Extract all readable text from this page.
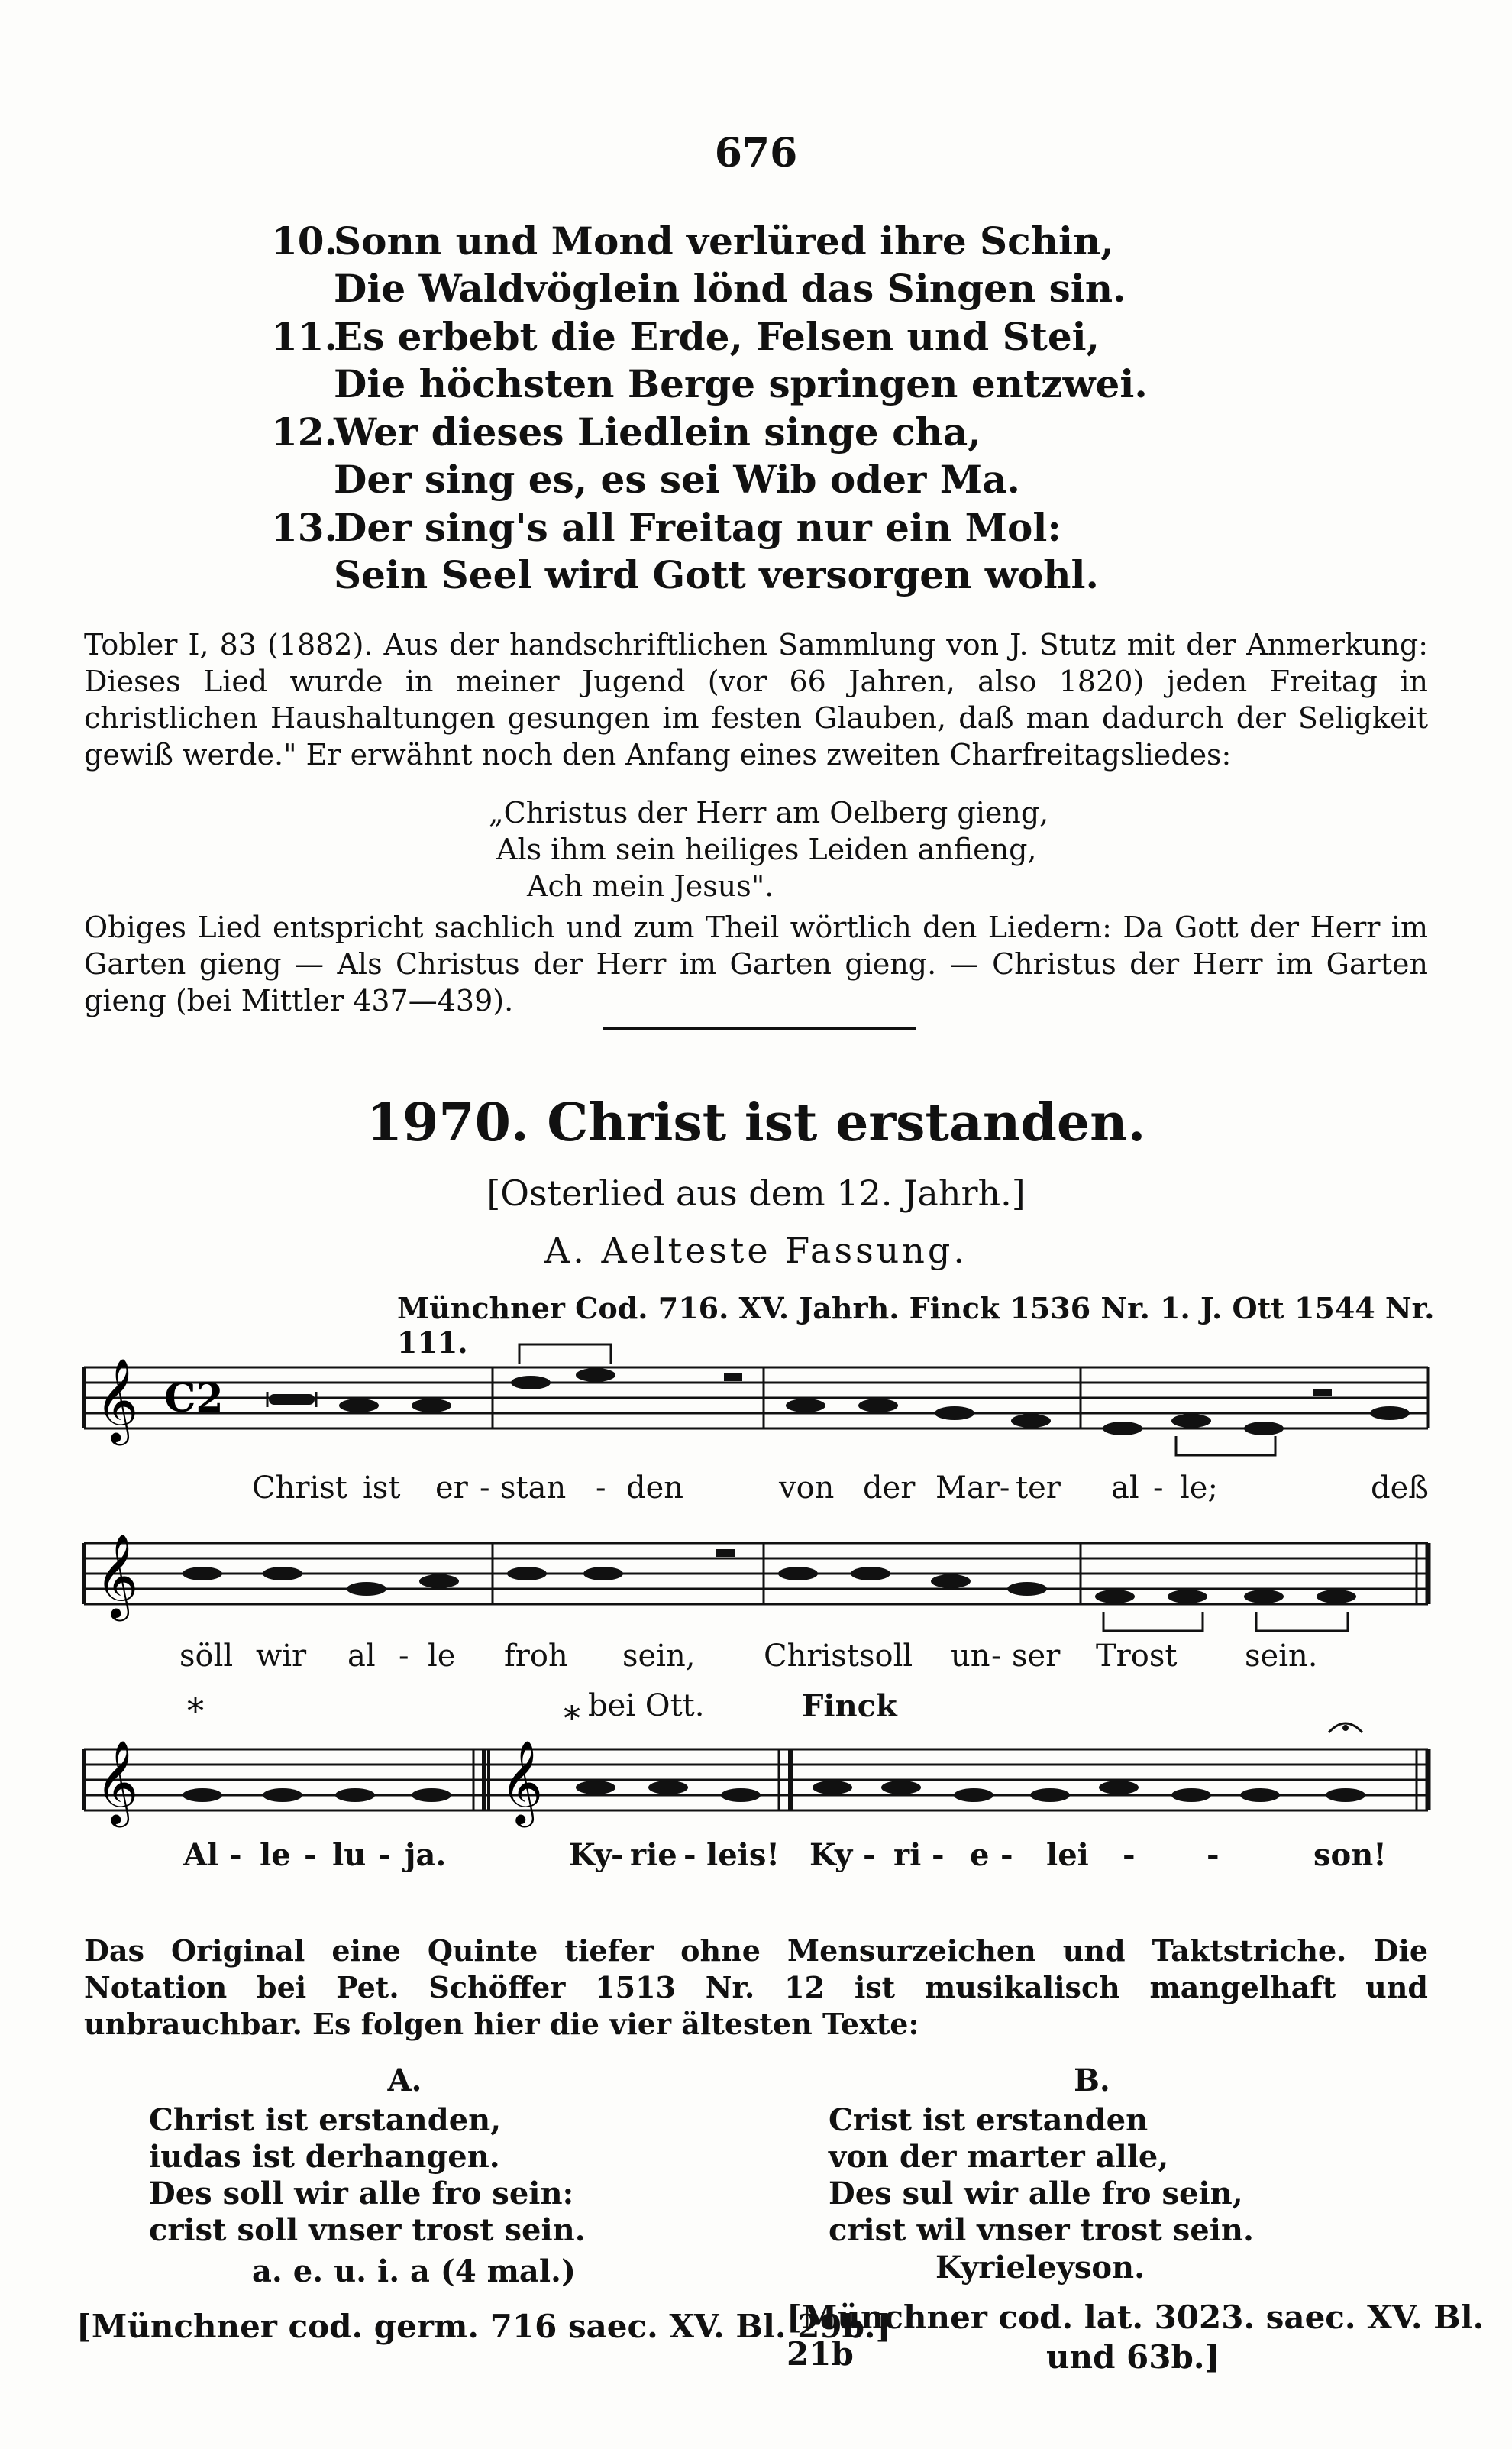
676
10.Sonn und Mond verlüred ihre Schin,
Die Waldvöglein lönd das Singen sin.
11.Es erbebt die Erde, Felsen und Stei,
Die höchsten Berge springen entzwei.
12.Wer dieses Liedlein singe cha,
Der sing es, es sei Wib oder Ma.
13.Der sing's all Freitag nur ein Mol:
Sein Seel wird Gott versorgen wohl.
Tobler I, 83 (1882). Aus der handschriftlichen Sammlung von J. Stutz mit der Anmerkung: Dieses Lied wurde in meiner Jugend (vor 66 Jahren, also 1820) jeden Freitag in christlichen Haushaltungen gesungen im festen Glauben, daß man dadurch der Seligkeit gewiß werde." Er erwähnt noch den Anfang eines zweiten Charfreitagsliedes:
„Christus der Herr am Oelberg gieng,
Als ihm sein heiliges Leiden anfieng,
Ach mein Jesus".
Obiges Lied entspricht sachlich und zum Theil wörtlich den Liedern: Da Gott der Herr im Garten gieng — Als Christus der Herr im Garten gieng. — Christus der Herr im Garten gieng (bei Mittler 437—439).
1970. Christ ist erstanden.
[Osterlied aus dem 12. Jahrh.]
A. Aelteste Fassung.
Münchner Cod. 716. XV. Jahrh. Finck 1536 Nr. 1. J. Ott 1544 Nr. 111.
𝄞 C2
Christ ist er - stan - den	von der Mar- ter al - le;	deß
𝄞
söll wir al - le froh sein, Christ soll un - ser Trost sein.
*	* bei Ott.	Finck
𝄞	𝄞
Al - le - lu - ja.	Ky
- rie - leis! Ky - ri - e - lei - -	son!
Das Original eine Quinte tiefer ohne Mensurzeichen und Taktstriche. Die Notation bei Pet. Schöffer 1513 Nr. 12 ist musikalisch mangelhaft und unbrauchbar. Es folgen hier die vier ältesten Texte:
A.
Christ ist erstanden,
iudas ist derhangen.
Des soll wir alle fro sein:
crist soll vnser trost sein.
a. e. u. i. a (4 mal.)
[Münchner cod. germ. 716 saec. XV. Bl. 29b.]
B.
Crist ist erstanden
von der marter alle,
Des sul wir alle fro sein,
crist wil vnser trost sein.
Kyrieleyson.
[Münchner cod. lat. 3023. saec. XV. Bl. 21b	und 63b.]
